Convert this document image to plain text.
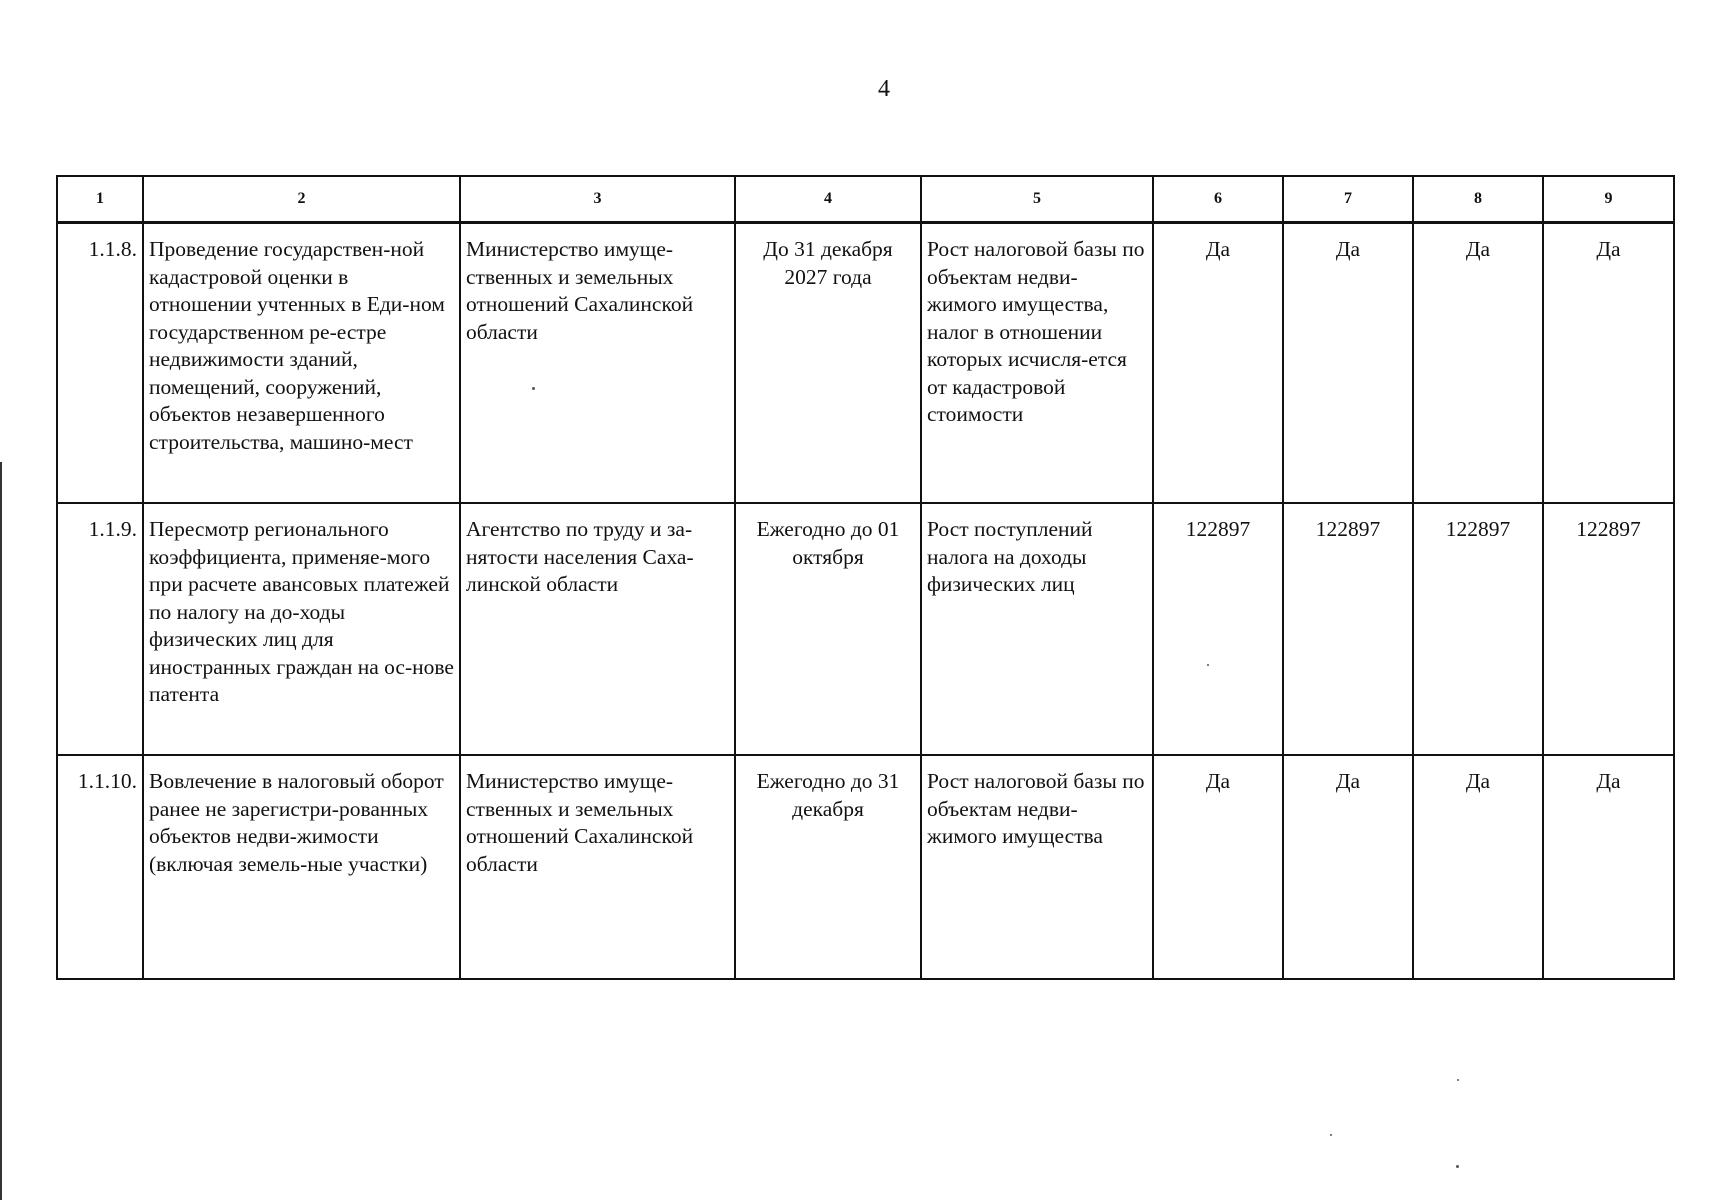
4
1	2	3	4	5	6	7	8	9
1.1.8.	Проведение государствен-ной кадастровой оценки в отношении учтенных в Еди-ном государственном ре-естре недвижимости зданий, помещений, сооружений, объектов незавершенного строительства, машино-мест	Министерство имуще-ственных и земельных отношений Сахалинской области	До 31 декабря 2027 года	Рост налоговой базы по объектам недви-жимого имущества, налог в отношении которых исчисля-ется от кадастровой стоимости	Да	Да	Да	Да
1.1.9.	Пересмотр регионального коэффициента, применяе-мого при расчете авансовых платежей по налогу на до-ходы физических лиц для иностранных граждан на ос-нове патента	Агентство по труду и за-нятости населения Саха-линской области	Ежегодно до 01 октября	Рост поступлений налога на доходы физических лиц	122897	122897	122897	122897
1.1.10.	Вовлечение в налоговый оборот ранее не зарегистри-рованных объектов недви-жимости (включая земель-ные участки)	Министерство имуще-ственных и земельных отношений Сахалинской области	Ежегодно до 31 декабря	Рост налоговой базы по объектам недви-жимого имущества	Да	Да	Да	Да
